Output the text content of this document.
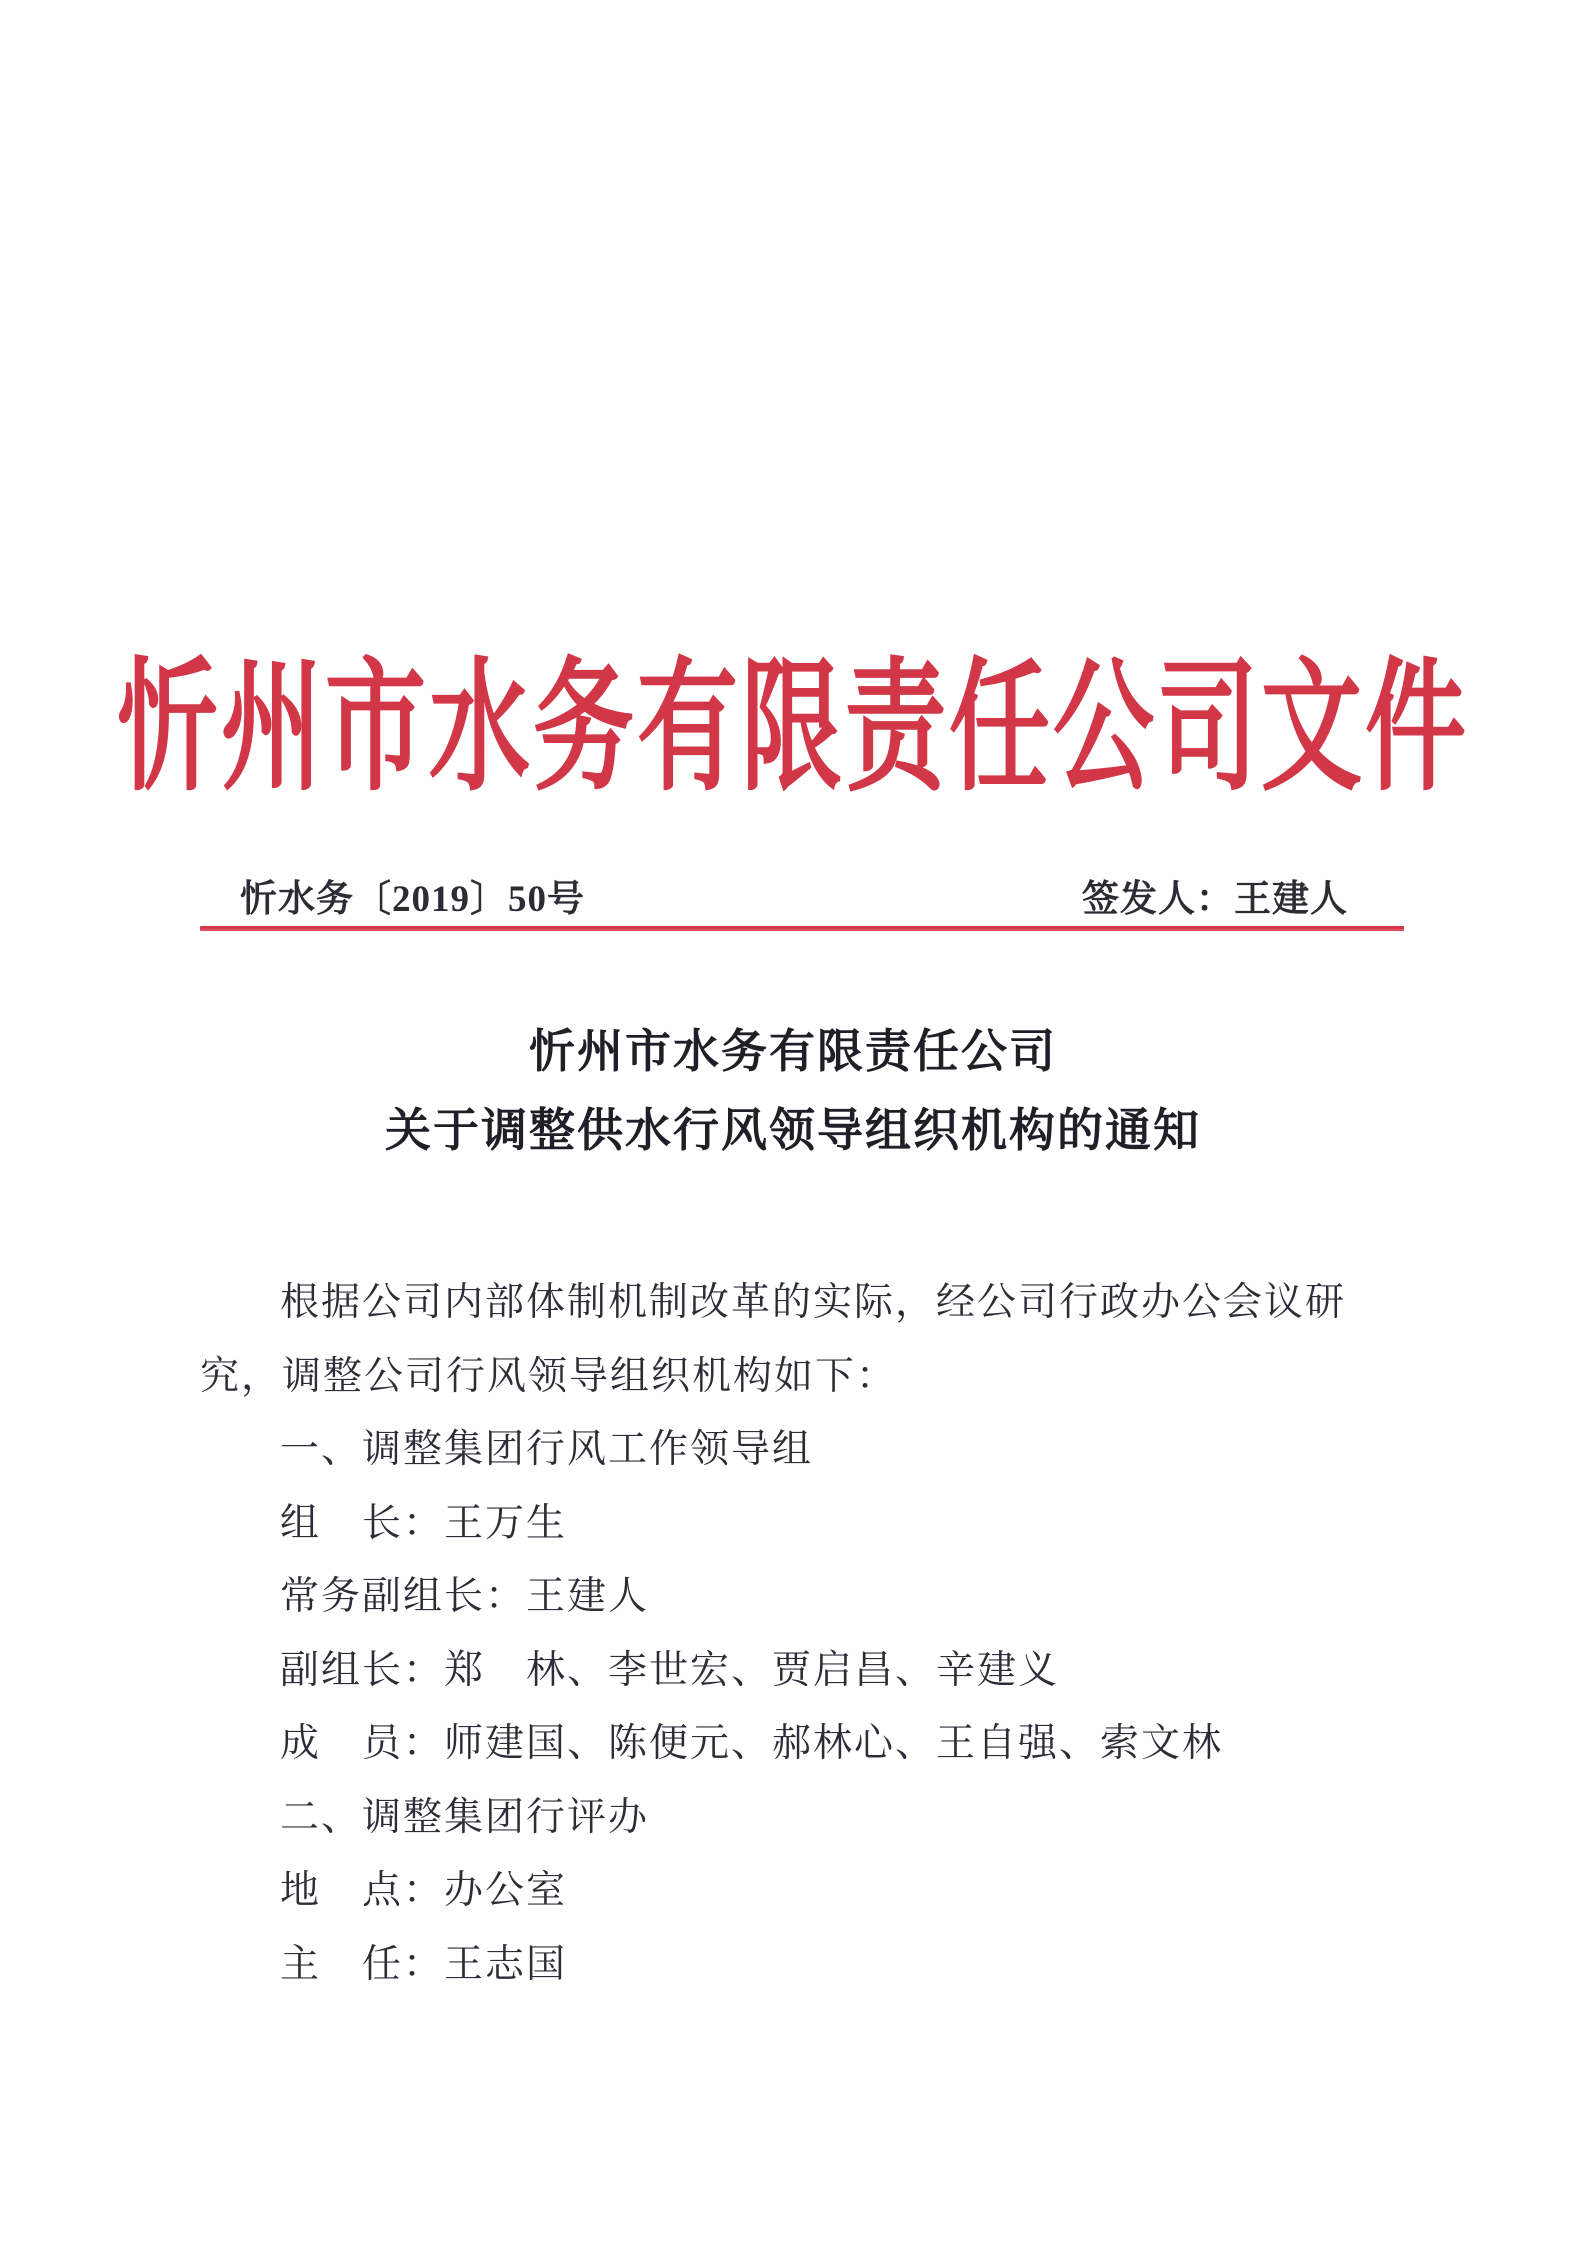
忻州市水务有限责任公司文件
忻水务〔2019〕50号	签发人：王建人
忻州市水务有限责任公司
关于调整供水行风领导组织机构的通知
根据公司内部体制机制改革的实际，经公司行政办公会议研
究，调整公司行风领导组织机构如下：
一、调整集团行风工作领导组
组　长：王万生
常务副组长：王建人
副组长：郑　林、李世宏、贾启昌、辛建义
成　员：师建国、陈便元、郝林心、王自强、索文林
二、调整集团行评办
地　点：办公室
主　任：王志国
